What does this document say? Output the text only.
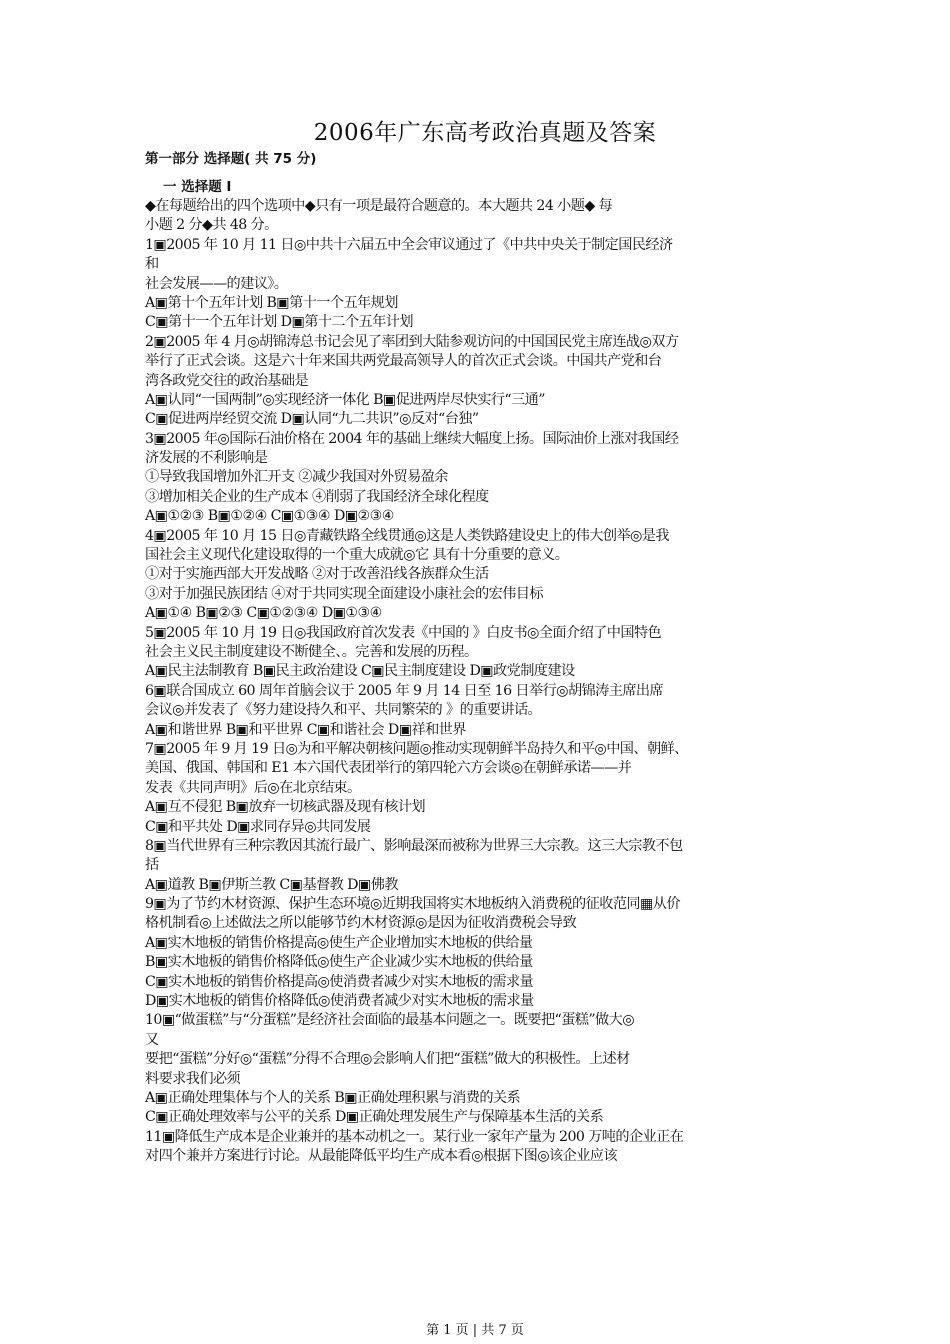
2006年广东高考政治真题及答案
第一部分 选择题( 共 75 分)
一 选择题 I
◆在每题给出的四个选项中◆只有一项是最符合题意的。本大题共 24 小题◆ 每
小题 2 分◆共 48 分。
1▣2005 年 10 月 11 日◎中共十六届五中全会审议通过了《中共中央关于制定国民经济
和
社会发展——的建议》。
A▣第十个五年计划 B▣第十一个五年规划
C▣第十一个五年计划 D▣第十二个五年计划
2▣2005 年 4 月◎胡锦涛总书记会见了率团到大陆参观访问的中国国民党主席连战◎双方
举行了正式会谈。这是六十年来国共两党最高领导人的首次正式会谈。中国共产党和台
湾各政党交往的政治基础是
A▣认同“一国两制”◎实现经济一体化 B▣促进两岸尽快实行“三通”
C▣促进两岸经贸交流 D▣认同“九二共识”◎反对“台独”
3▣2005 年◎国际石油价格在 2004 年的基础上继续大幅度上扬。国际油价上涨对我国经
济发展的不利影响是
①导致我国增加外汇开支 ②减少我国对外贸易盈余
③增加相关企业的生产成本 ④削弱了我国经济全球化程度
A▣①②③ B▣①②④ C▣①③④ D▣②③④
4▣2005 年 10 月 15 日◎青藏铁路全线贯通◎这是人类铁路建设史上的伟大创举◎是我
国社会主义现代化建设取得的一个重大成就◎它 具有十分重要的意义。
①对于实施西部大开发战略 ②对于改善沿线各族群众生活
③对于加强民族团结 ④对于共同实现全面建设小康社会的宏伟目标
A▣①④ B▣②③ C▣①②③④ D▣①③④
5▣2005 年 10 月 19 日◎我国政府首次发表《中国的 》白皮书◎全面介绍了中国特色
社会主义民主制度建设不断健全、。完善和发展的历程。
A▣民主法制教育 B▣民主政治建设 C▣民主制度建设 D▣政党制度建设
6▣联合国成立 60 周年首脑会议于 2005 年 9 月 14 日至 16 日举行◎胡锦涛主席出席
会议◎并发表了《努力建设持久和平、共同繁荣的 》的重要讲话。
A▣和谐世界 B▣和平世界 C▣和谐社会 D▣祥和世界
7▣2005 年 9 月 19 日◎为和平解决朝核问题◎推动实现朝鲜半岛持久和平◎中国、朝鲜、
美国、俄国、韩国和 E1 本六国代表团举行的第四轮六方会谈◎在朝鲜承诺——并
发表《共同声明》后◎在北京结束。
A▣互不侵犯 B▣放弃一切核武器及现有核计划
C▣和平共处 D▣求同存异◎共同发展
8▣当代世界有三种宗教因其流行最广、影响最深而被称为世界三大宗教。这三大宗教不包
括
A▣道教 B▣伊斯兰教 C▣基督教 D▣佛教
9▣为了节约木材资源、保护生态环境◎近期我国将实木地板纳入消费税的征收范同▦从价
格机制看◎上述做法之所以能够节约木材资源◎是因为征收消费税会导致
A▣实木地板的销售价格提高◎使生产企业增加实木地板的供给量
B▣实木地板的销售价格降低◎使生产企业减少实木地板的供给量
C▣实木地板的销售价格提高◎使消费者减少对实木地板的需求量
D▣实木地板的销售价格降低◎使消费者减少对实木地板的需求量
10▣“做蛋糕”与“分蛋糕”是经济社会面临的最基本问题之一。既要把“蛋糕”做大◎
又
要把“蛋糕”分好◎“蛋糕”分得不合理◎会影响人们把“蛋糕”做大的积极性。上述材
料要求我们必须
A▣正确处理集体与个人的关系 B▣正确处理积累与消费的关系
C▣正确处理效率与公平的关系 D▣正确处理发展生产与保障基本生活的关系
11▣降低生产成本是企业兼并的基本动机之一。某行业一家年产量为 200 万吨的企业正在
对四个兼并方案进行讨论。从最能降低平均生产成本看◎根据下图◎该企业应该
第 1 页 | 共 7 页
